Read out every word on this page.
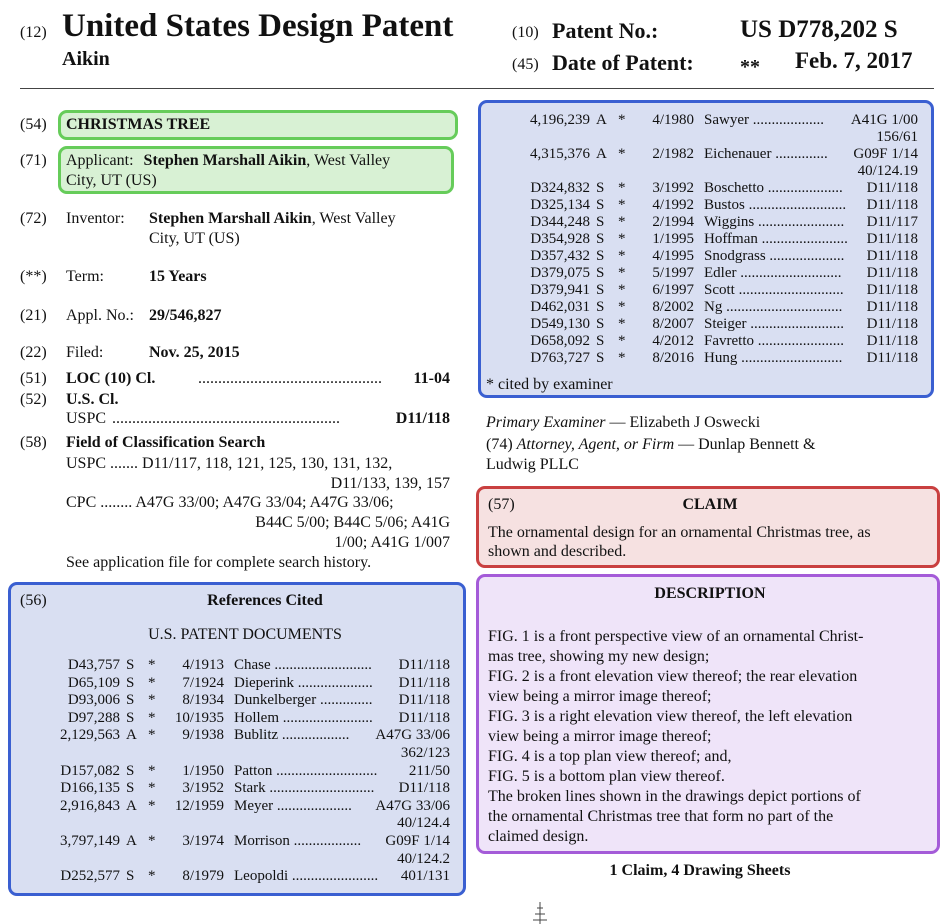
(12) United States Design Patent
Aikin
(10) Patent No.:	US D778,202 S
(45) Date of Patent: ** Feb. 7, 2017
(54) CHRISTMAS TREE
(71) Applicant: Stephen Marshall Aikin, West Valley
City, UT (US)
(72) Inventor: Stephen Marshall Aikin, West Valley
City, UT (US)
(**) Term:	15 Years
(21) Appl. No.: 29/546,827
(22) Filed:	Nov. 25, 2015
(51) LOC (10) Cl.	.............................................. 11-04
(52) U.S. Cl.
USPC .........................................................	D11/118
(58) Field of Classification Search
USPC ....... D11/117, 118, 121, 125, 130, 131, 132,
D11/133, 139, 157
CPC ........ A47G 33/00; A47G 33/04; A47G 33/06;
B44C 5/00; B44C 5/06; A41G
1/00; A41G 1/007
See application file for complete search history.
(56)	References Cited
U.S. PATENT DOCUMENTS
D43,757 S *	4/1913 Chase .......................... D11/118
D65,109 S *	7/1924 Dieperink .................... D11/118
D93,006 S *	8/1934 Dunkelberger .............. D11/118
D97,288 S *	10/1935 Hollem ........................ D11/118
2,129,563 A *	9/1938 Bublitz .................. A47G 33/06
362/123
D157,082 S *	1/1950 Patton ........................... 211/50
D166,135 S *	3/1952 Stark ............................ D11/118
2,916,843 A *	12/1959 Meyer .................... A47G 33/06
40/124.4
3,797,149 A *	3/1974 Morrison .................. G09F 1/14
40/124.2
D252,577 S *	8/1979 Leopoldi ....................... 401/131
4,196,239 A *	4/1980 Sawyer ................... A41G 1/00
156/61
4,315,376 A *	2/1982 Eichenauer .............. G09F 1/14
40/124.19
D324,832 S *	3/1992 Boschetto .................... D11/118
D325,134 S *	4/1992 Bustos .......................... D11/118
D344,248 S *	2/1994 Wiggins ....................... D11/117
D354,928 S *	1/1995 Hoffman ....................... D11/118
D357,432 S *	4/1995 Snodgrass .................... D11/118
D379,075 S *	5/1997 Edler ........................... D11/118
D379,941 S *	6/1997 Scott ............................ D11/118
D462,031 S *	8/2002 Ng ............................... D11/118
D549,130 S *	8/2007 Steiger ......................... D11/118
D658,092 S *	4/2012 Favretto ....................... D11/118
D763,727 S *	8/2016 Hung ........................... D11/118
* cited by examiner
Primary Examiner — Elizabeth J Oswecki
(74) Attorney, Agent, or Firm — Dunlap Bennett &
Ludwig PLLC
(57)	CLAIM
The ornamental design for an ornamental Christmas tree, as
shown and described.
DESCRIPTION
FIG. 1 is a front perspective view of an ornamental Christ-
mas tree, showing my new design;
FIG. 2 is a front elevation view thereof; the rear elevation
view being a mirror image thereof;
FIG. 3 is a right elevation view thereof, the left elevation
view being a mirror image thereof;
FIG. 4 is a top plan view thereof; and,
FIG. 5 is a bottom plan view thereof.
The broken lines shown in the drawings depict portions of
the ornamental Christmas tree that form no part of the
claimed design.
1 Claim, 4 Drawing Sheets
